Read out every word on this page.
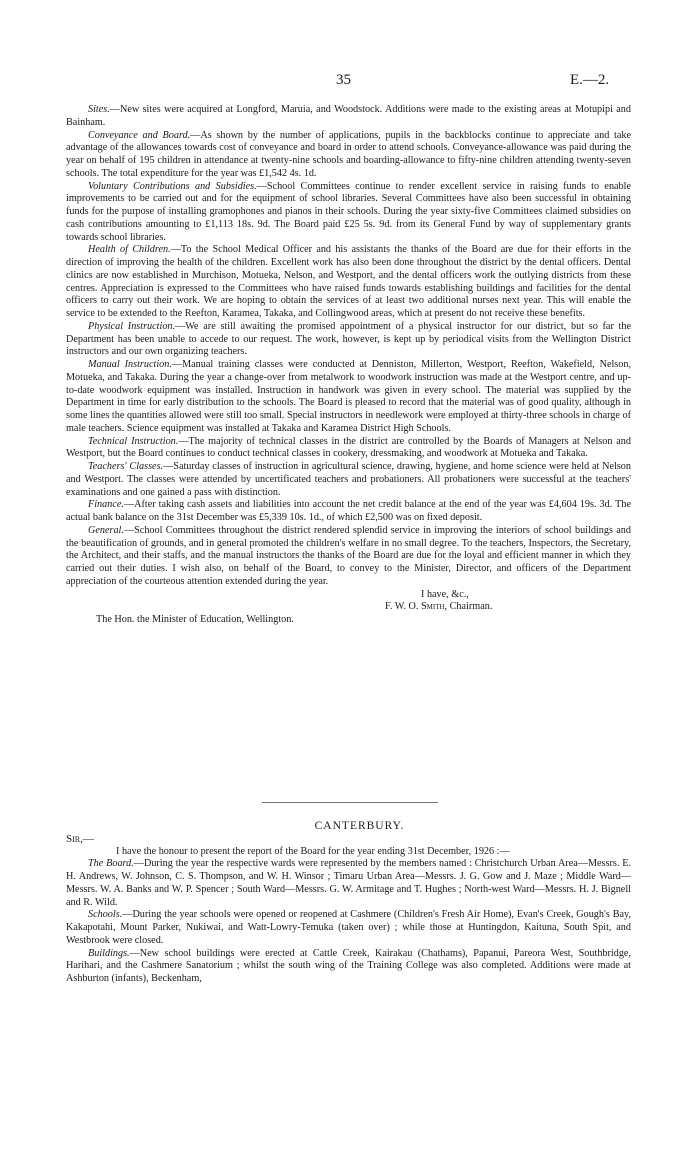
35	E.—2.

Sites.—New sites were acquired at Longford, Maruia, and Woodstock. Additions were made to the existing areas at Motupipi and Bainham.

Conveyance and Board.—As shown by the number of applications, pupils in the backblocks continue to appreciate and take advantage of the allowances towards cost of conveyance and board in order to attend schools. Conveyance-allowance was paid during the year on behalf of 195 children in attendance at twenty-nine schools and boarding-allowance to fifty-nine children attending twenty-seven schools. The total expenditure for the year was £1,542 4s. 1d.

Voluntary Contributions and Subsidies.—School Committees continue to render excellent service in raising funds to enable improvements to be carried out and for the equipment of school libraries. Several Committees have also been successful in obtaining funds for the purpose of installing gramophones and pianos in their schools. During the year sixty-five Committees claimed subsidies on cash contributions amounting to £1,113 18s. 9d. The Board paid £25 5s. 9d. from its General Fund by way of supplementary grants towards school libraries.

Health of Children.—To the School Medical Officer and his assistants the thanks of the Board are due for their efforts in the direction of improving the health of the children. Excellent work has also been done throughout the district by the dental officers. Dental clinics are now established in Murchison, Motueka, Nelson, and Westport, and the dental officers work the outlying districts from these centres. Appreciation is expressed to the Committees who have raised funds towards establishing buildings and facilities for the dental officers to carry out their work. We are hoping to obtain the services of at least two additional nurses next year. This will enable the service to be extended to the Reefton, Karamea, Takaka, and Collingwood areas, which at present do not receive these benefits.

Physical Instruction.—We are still awaiting the promised appointment of a physical instructor for our district, but so far the Department has been unable to accede to our request. The work, however, is kept up by periodical visits from the Wellington District instructors and our own organizing teachers.

Manual Instruction.—Manual training classes were conducted at Denniston, Millerton, Westport, Reefton, Wakefield, Nelson, Motueka, and Takaka. During the year a change-over from metalwork to woodwork instruction was made at the Westport centre, and up-to-date woodwork equipment was installed. Instruction in handwork was given in every school. The material was supplied by the Department in time for early distribution to the schools. The Board is pleased to record that the material was of good quality, although in some lines the quantities allowed were still too small. Special instructors in needlework were employed at thirty-three schools in charge of male teachers. Science equipment was installed at Takaka and Karamea District High Schools.

Technical Instruction.—The majority of technical classes in the district are controlled by the Boards of Managers at Nelson and Westport, but the Board continues to conduct technical classes in cookery, dressmaking, and woodwork at Motueka and Takaka.

Teachers' Classes.—Saturday classes of instruction in agricultural science, drawing, hygiene, and home science were held at Nelson and Westport. The classes were attended by uncertificated teachers and probationers. All probationers were successful at the teachers' examinations and one gained a pass with distinction.

Finance.—After taking cash assets and liabilities into account the net credit balance at the end of the year was £4,604 19s. 3d. The actual bank balance on the 31st December was £5,339 10s. 1d., of which £2,500 was on fixed deposit.

General.—School Committees throughout the district rendered splendid service in improving the interiors of school buildings and the beautification of grounds, and in general promoted the children's welfare in no small degree. To the teachers, Inspectors, the Secretary, the Architect, and their staffs, and the manual instructors the thanks of the Board are due for the loyal and efficient manner in which they carried out their duties. I wish also, on behalf of the Board, to convey to the Minister, Director, and officers of the Department appreciation of the courteous attention extended during the year.

I have, &c.,

F. W. O. Smith, Chairman.

The Hon. the Minister of Education, Wellington.

CANTERBURY.

Sir,—

I have the honour to present the report of the Board for the year ending 31st December, 1926 :—

The Board.—During the year the respective wards were represented by the members named : Christchurch Urban Area—Messrs. E. H. Andrews, W. Johnson, C. S. Thompson, and W. H. Winsor ; Timaru Urban Area—Messrs. J. G. Gow and J. Maze ; Middle Ward—Messrs. W. A. Banks and W. P. Spencer ; South Ward—Messrs. G. W. Armitage and T. Hughes ; North-west Ward—Messrs. H. J. Bignell and R. Wild.

Schools.—During the year schools were opened or reopened at Cashmere (Children's Fresh Air Home), Evan's Creek, Gough's Bay, Kakapotahi, Mount Parker, Nukiwai, and Watt-Lowry-Temuka (taken over) ; while those at Huntingdon, Kaituna, South Spit, and Westbrook were closed.

Buildings.—New school buildings were erected at Cattle Creek, Kairakau (Chathams), Papanui, Pareora West, Southbridge, Harihari, and the Cashmere Sanatorium ; whilst the south wing of the Training College was also completed. Additions were made at Ashburton (infants), Beckenham,
